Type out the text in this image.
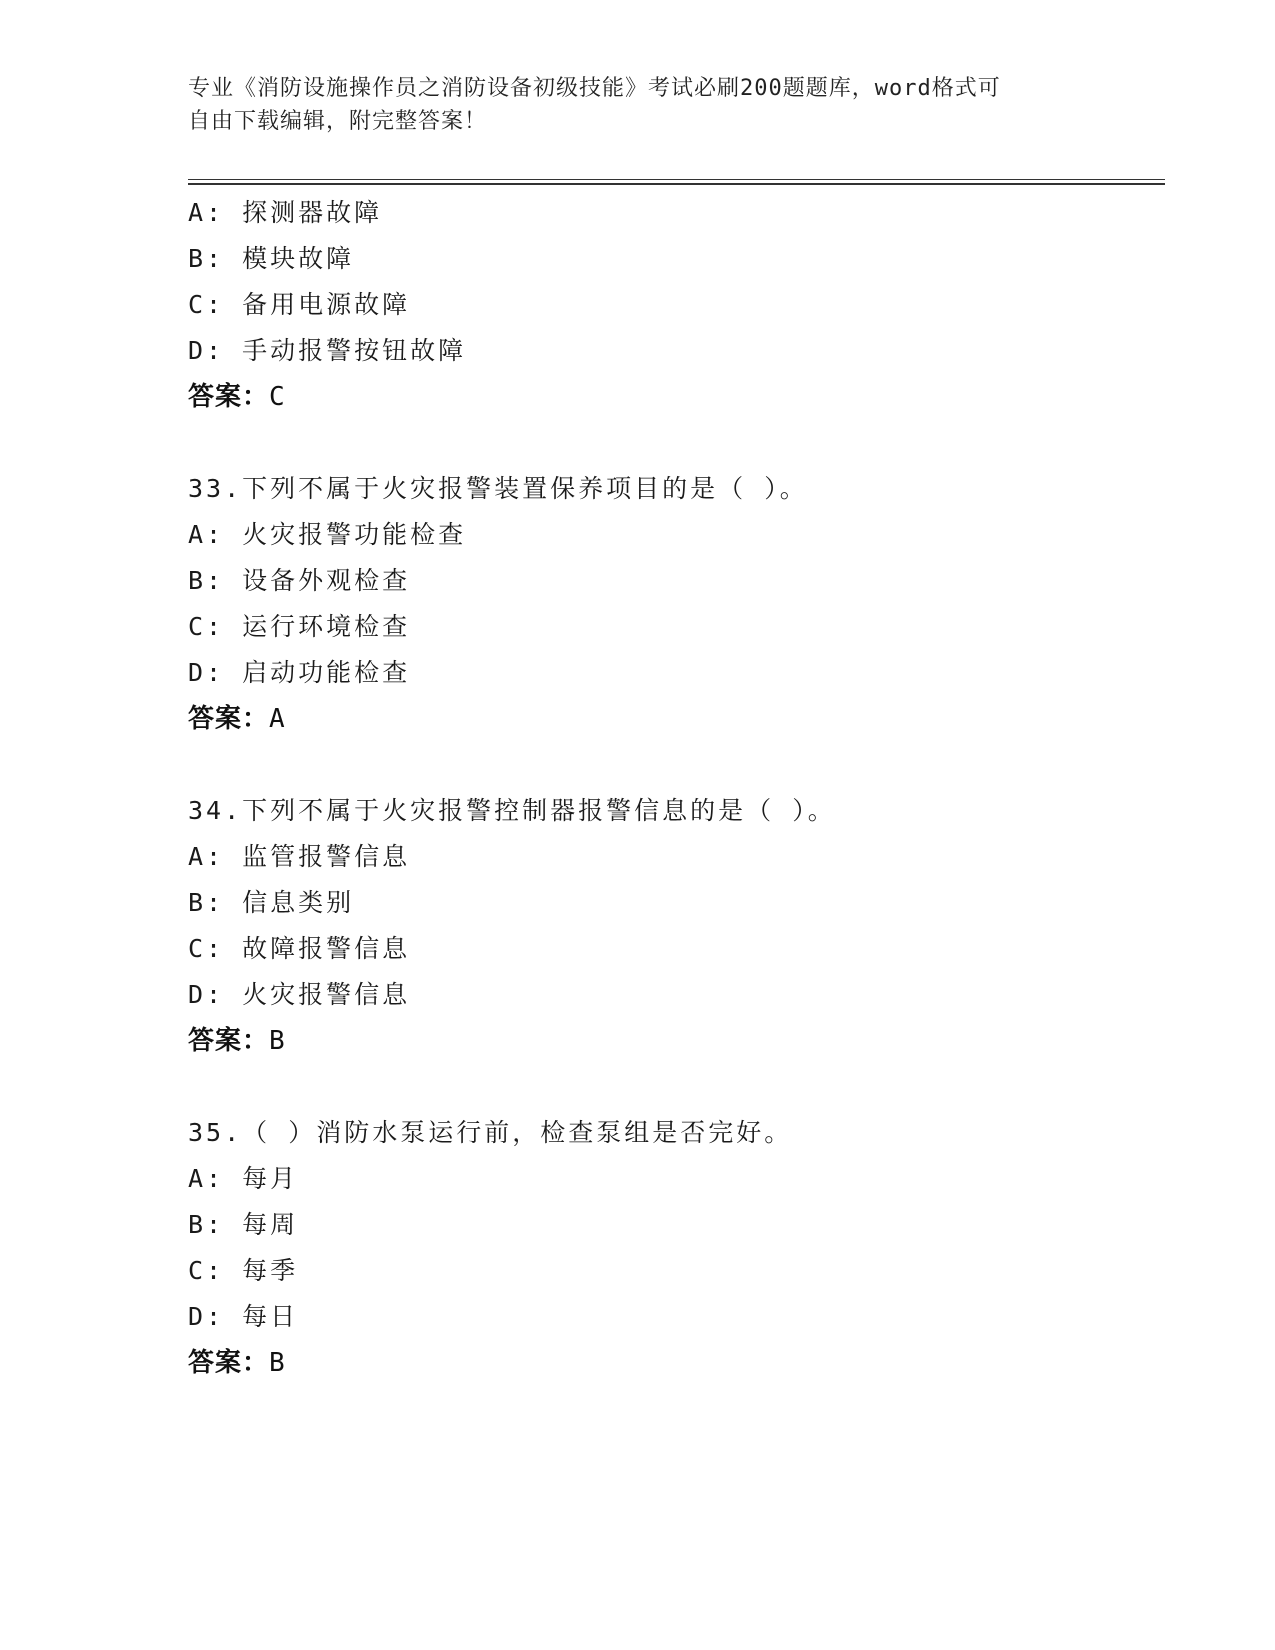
专业《消防设施操作员之消防设备初级技能》考试必刷200题题库，word格式可
自由下载编辑，附完整答案！
A: 探测器故障
B: 模块故障
C: 备用电源故障
D: 手动报警按钮故障
答案：C
33.下列不属于火灾报警装置保养项目的是（ ）。
A: 火灾报警功能检查
B: 设备外观检查
C: 运行环境检查
D: 启动功能检查
答案：A
34.下列不属于火灾报警控制器报警信息的是（ ）。
A: 监管报警信息
B: 信息类别
C: 故障报警信息
D: 火灾报警信息
答案：B
35.（ ）消防水泵运行前，检查泵组是否完好。
A: 每月
B: 每周
C: 每季
D: 每日
答案：B
